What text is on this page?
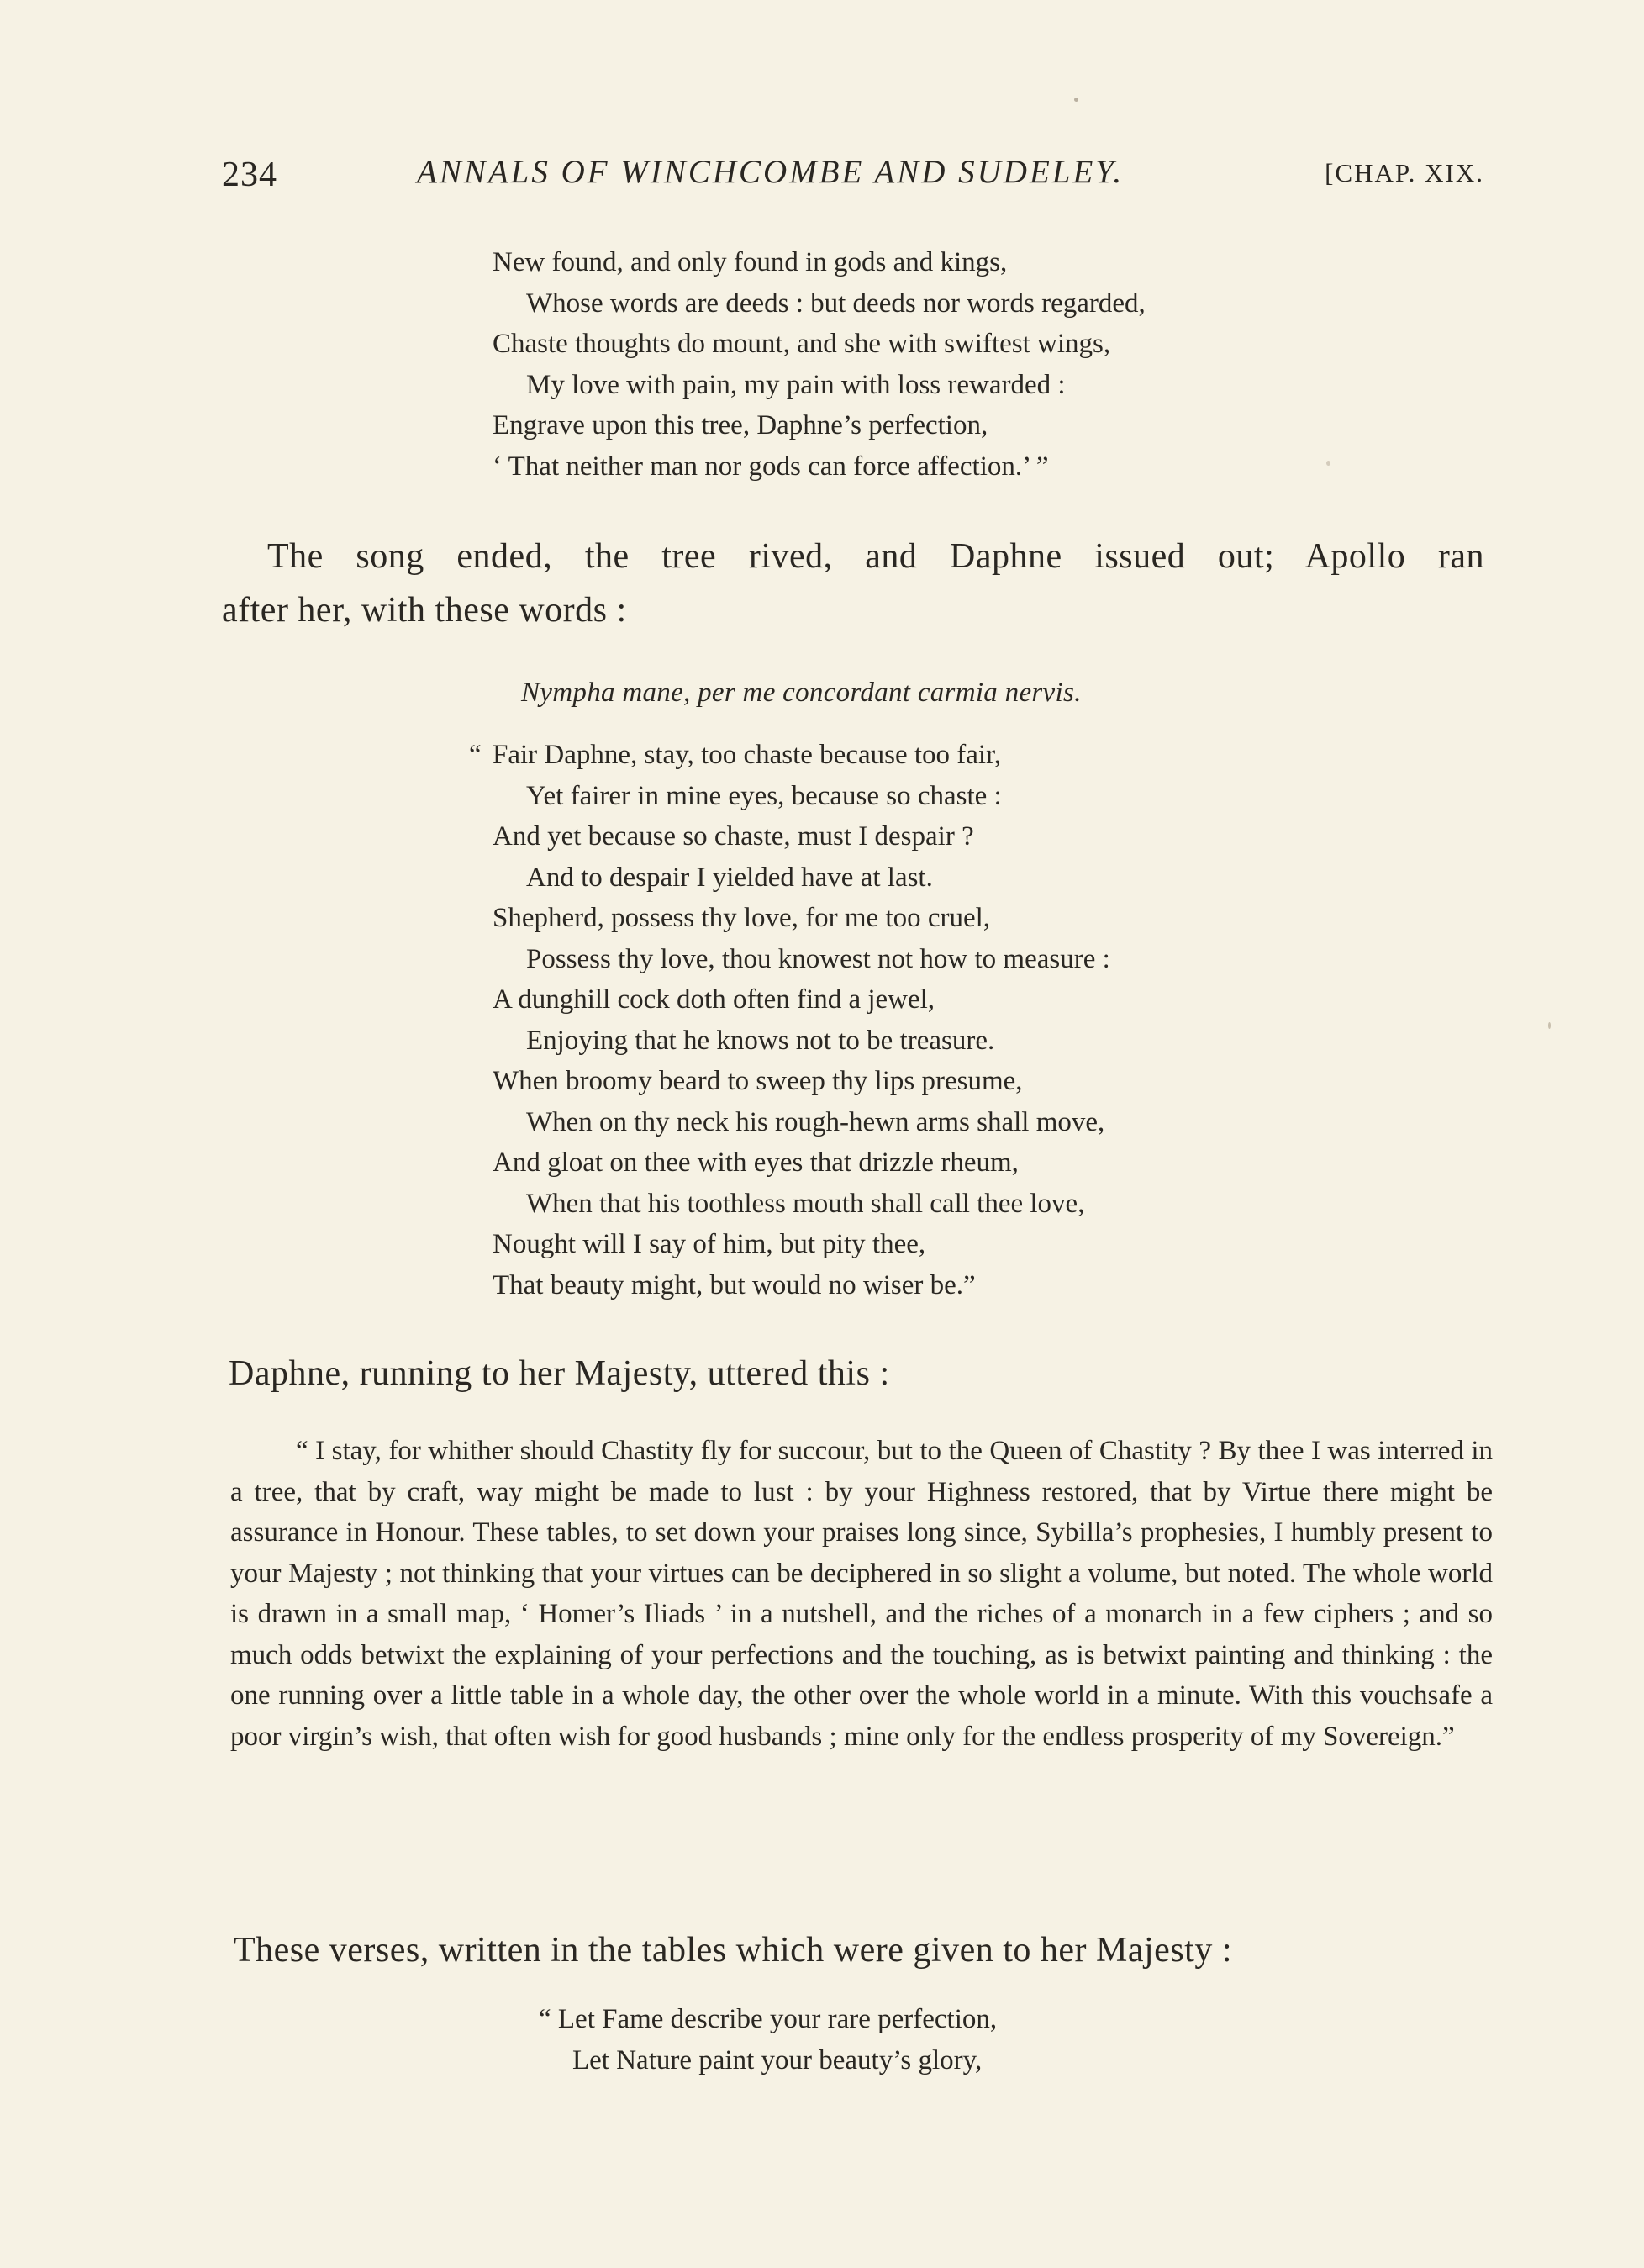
234	ANNALS OF WINCHCOMBE AND SUDELEY.	[CHAP. XIX.
New found, and only found in gods and kings,
Whose words are deeds : but deeds nor words regarded,
Chaste thoughts do mount, and she with swiftest wings,
My love with pain, my pain with loss rewarded :
Engrave upon this tree, Daphne’s perfection,
‘ That neither man nor gods can force affection.’ ”
The song ended, the tree rived, and Daphne issued out; Apollo ran
after her, with these words :
Nympha mane, per me concordant carmia nervis.
“ Fair Daphne, stay, too chaste because too fair,
Yet fairer in mine eyes, because so chaste :
And yet because so chaste, must I despair ?
And to despair I yielded have at last.
Shepherd, possess thy love, for me too cruel,
Possess thy love, thou knowest not how to measure :
A dunghill cock doth often find a jewel,
Enjoying that he knows not to be treasure.
When broomy beard to sweep thy lips presume,
When on thy neck his rough-hewn arms shall move,
And gloat on thee with eyes that drizzle rheum,
When that his toothless mouth shall call thee love,
Nought will I say of him, but pity thee,
That beauty might, but would no wiser be.”
Daphne, running to her Majesty, uttered this :

“ I stay, for whither should Chastity fly for succour, but to the Queen of Chastity ? By thee I was interred in a tree, that by craft, way might be made to lust : by your Highness restored, that by Virtue there might be assurance in Honour. These tables, to set down your praises long since, Sybilla’s prophesies, I humbly present to your Majesty ; not thinking that your virtues can be deciphered in so slight a volume, but noted. The whole world is drawn in a small map, ‘ Homer’s Iliads ’ in a nutshell, and the riches of a monarch in a few ciphers ; and so much odds betwixt the explaining of your perfections and the touching, as is betwixt painting and thinking : the one running over a little table in a whole day, the other over the whole world in a minute. With this vouchsafe a poor virgin’s wish, that often wish for good husbands ; mine only for the endless prosperity of my Sovereign.”

These verses, written in the tables which were given to her Majesty :
“ Let Fame describe your rare perfection,
Let Nature paint your beauty’s glory,
